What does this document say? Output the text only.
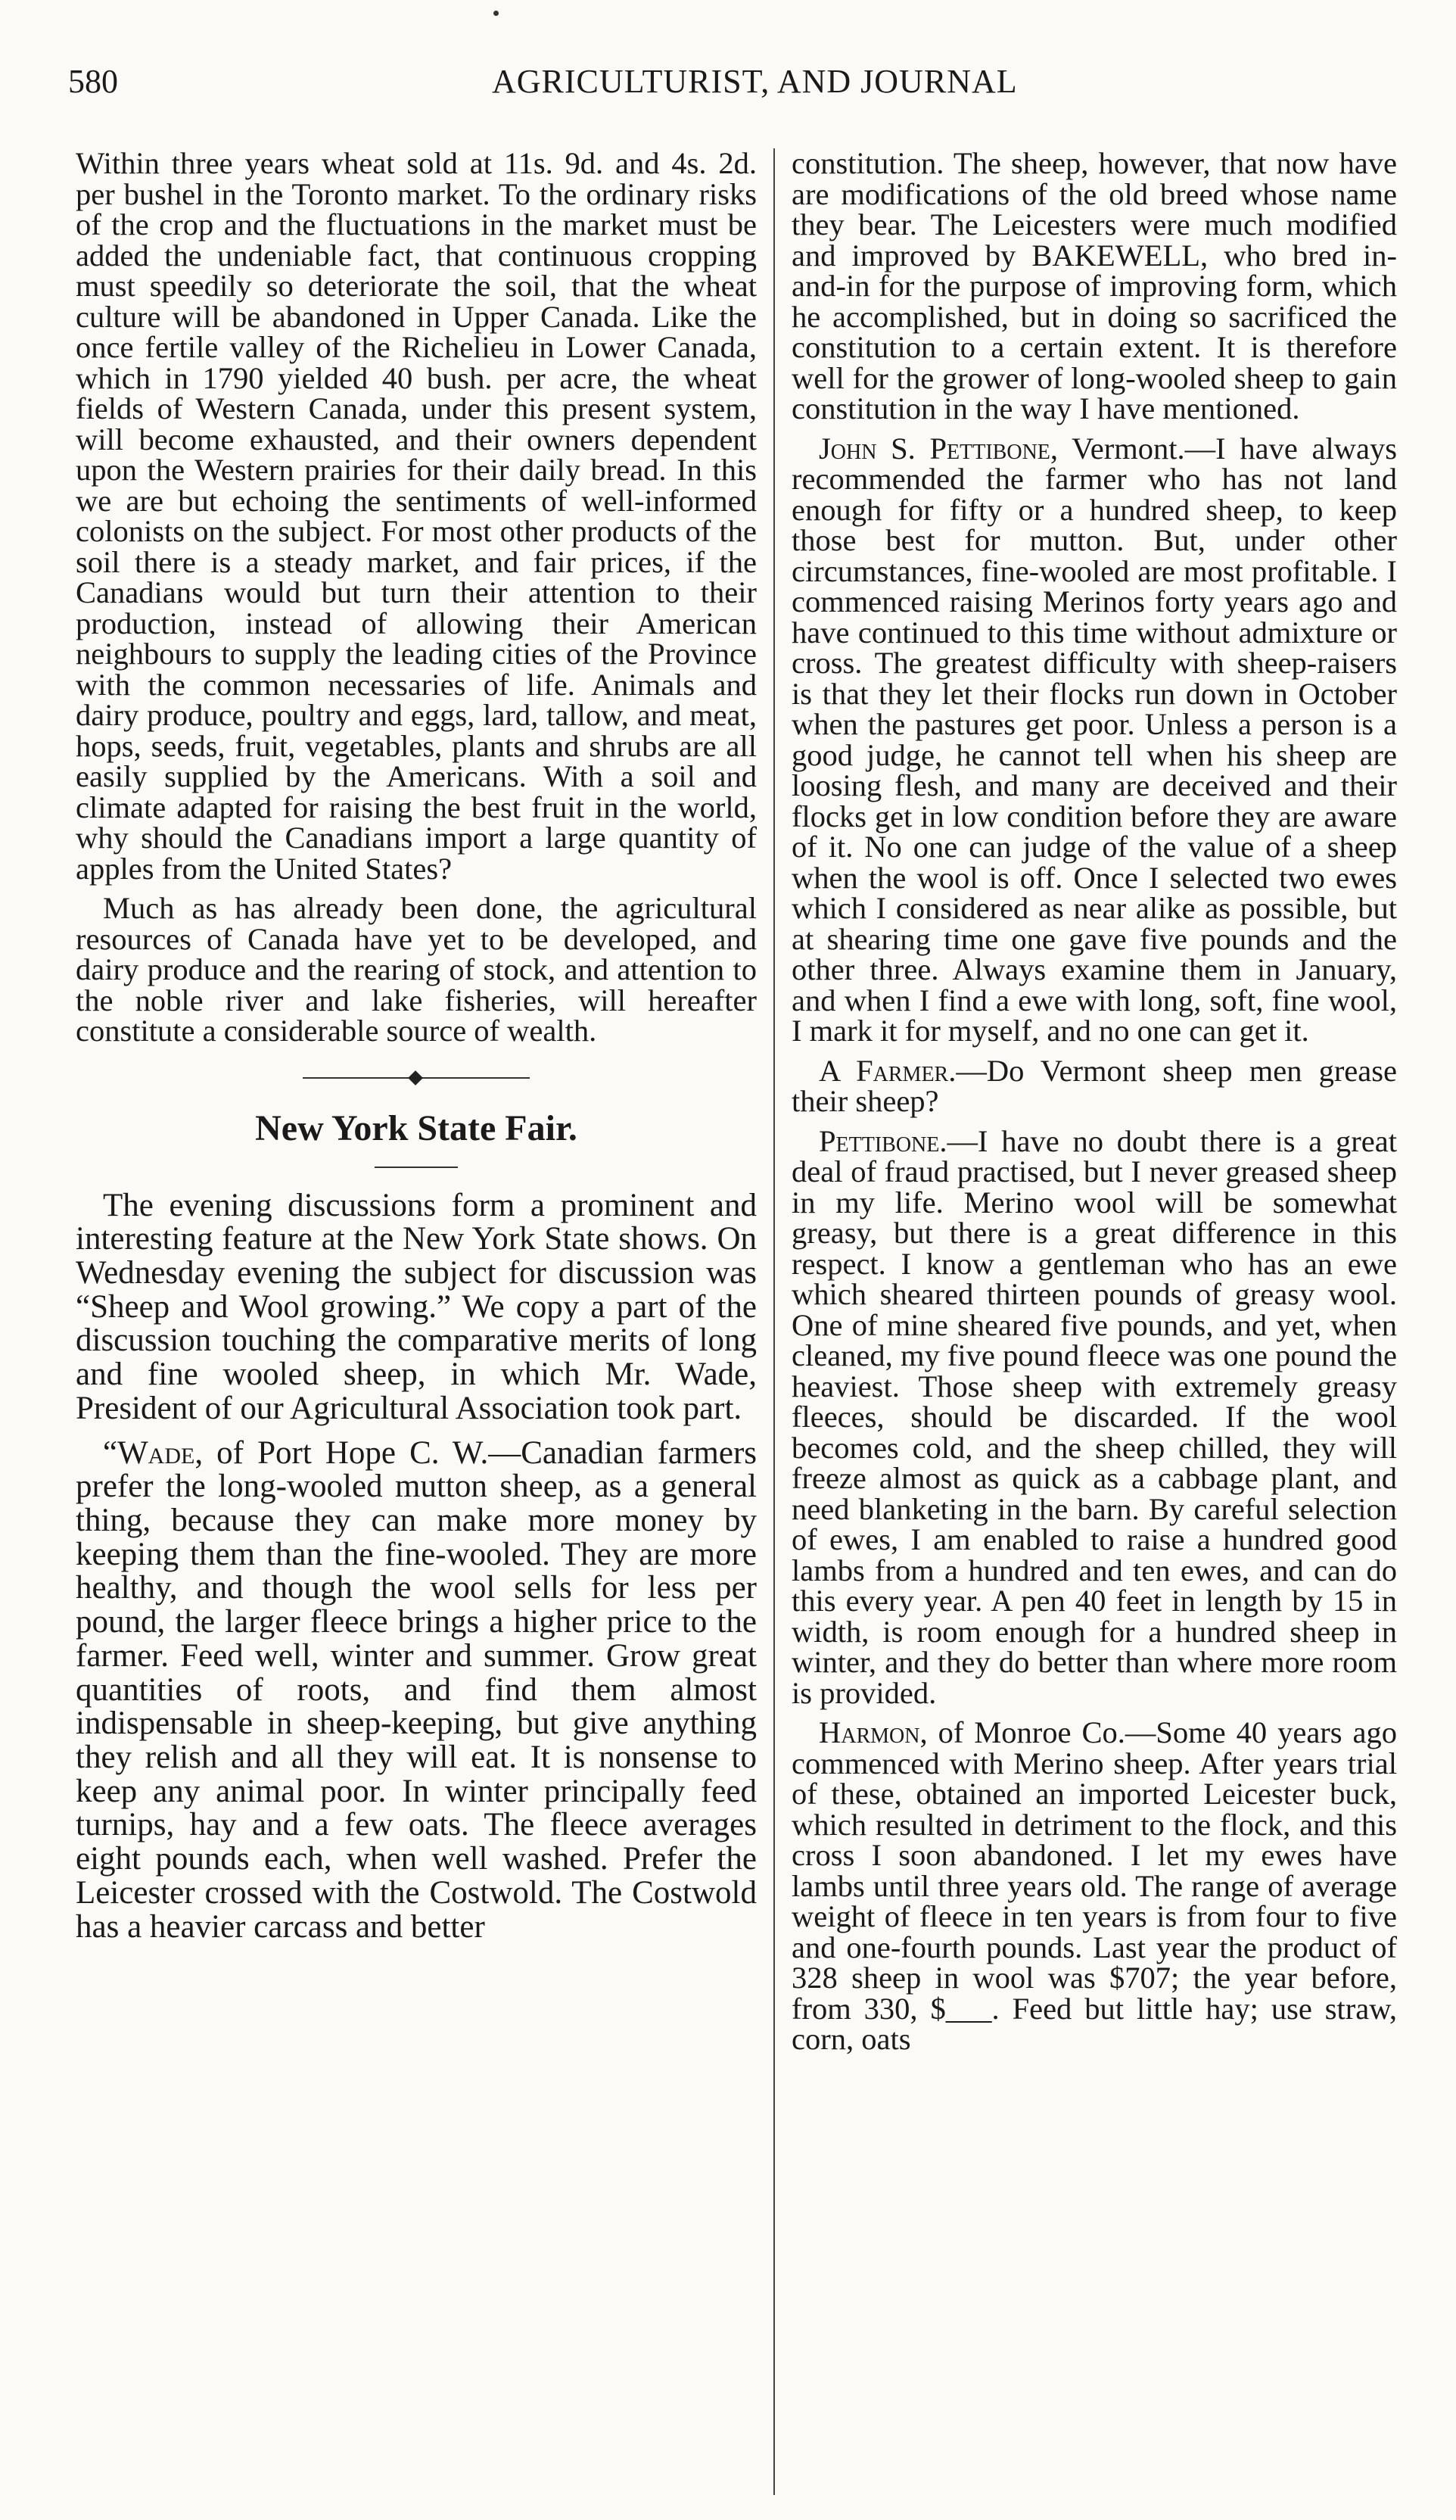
580	AGRICULTURIST, AND JOURNAL

Within three years wheat sold at 11s. 9d. and 4s. 2d. per bushel in the Toronto market. To the ordinary risks of the crop and the fluctuations in the market must be added the undeniable fact, that continuous cropping must speedily so deteriorate the soil, that the wheat culture will be abandoned in Upper Canada. Like the once fertile valley of the Richelieu in Lower Canada, which in 1790 yielded 40 bush. per acre, the wheat fields of Western Canada, under this present system, will become exhausted, and their owners dependent upon the Western prairies for their daily bread. In this we are but echoing the sentiments of well-informed colonists on the subject. For most other products of the soil there is a steady market, and fair prices, if the Canadians would but turn their attention to their production, instead of allowing their American neighbours to supply the leading cities of the Province with the common necessaries of life. Animals and dairy produce, poultry and eggs, lard, tallow, and meat, hops, seeds, fruit, vegetables, plants and shrubs are all easily supplied by the Americans. With a soil and climate adapted for raising the best fruit in the world, why should the Canadians import a large quantity of apples from the United States?

Much as has already been done, the agricultural resources of Canada have yet to be developed, and dairy produce and the rearing of stock, and attention to the noble river and lake fisheries, will hereafter constitute a considerable source of wealth.

New York State Fair.

The evening discussions form a prominent and interesting feature at the New York State shows. On Wednesday evening the subject for discussion was “Sheep and Wool growing.” We copy a part of the discussion touching the comparative merits of long and fine wooled sheep, in which Mr. Wade, President of our Agricultural Association took part.

“Wade, of Port Hope C. W.—Canadian farmers prefer the long-wooled mutton sheep, as a general thing, because they can make more money by keeping them than the fine-wooled. They are more healthy, and though the wool sells for less per pound, the larger fleece brings a higher price to the farmer. Feed well, winter and summer. Grow great quantities of roots, and find them almost indispensable in sheep-keeping, but give anything they relish and all they will eat. It is nonsense to keep any animal poor. In winter principally feed turnips, hay and a few oats. The fleece averages eight pounds each, when well washed. Prefer the Leicester crossed with the Costwold. The Costwold has a heavier carcass and better

constitution. The sheep, however, that now have are modifications of the old breed whose name they bear. The Leicesters were much modified and improved by BAKEWELL, who bred in-and-in for the purpose of improving form, which he accomplished, but in doing so sacrificed the constitution to a certain extent. It is therefore well for the grower of long-wooled sheep to gain constitution in the way I have mentioned.

John S. Pettibone, Vermont.—I have always recommended the farmer who has not land enough for fifty or a hundred sheep, to keep those best for mutton. But, under other circumstances, fine-wooled are most profitable. I commenced raising Merinos forty years ago and have continued to this time without admixture or cross. The greatest difficulty with sheep-raisers is that they let their flocks run down in October when the pastures get poor. Unless a person is a good judge, he cannot tell when his sheep are loosing flesh, and many are deceived and their flocks get in low condition before they are aware of it. No one can judge of the value of a sheep when the wool is off. Once I selected two ewes which I considered as near alike as possible, but at shearing time one gave five pounds and the other three. Always examine them in January, and when I find a ewe with long, soft, fine wool, I mark it for myself, and no one can get it.

A Farmer.—Do Vermont sheep men grease their sheep?

Pettibone.—I have no doubt there is a great deal of fraud practised, but I never greased sheep in my life. Merino wool will be somewhat greasy, but there is a great difference in this respect. I know a gentleman who has an ewe which sheared thirteen pounds of greasy wool. One of mine sheared five pounds, and yet, when cleaned, my five pound fleece was one pound the heaviest. Those sheep with extremely greasy fleeces, should be discarded. If the wool becomes cold, and the sheep chilled, they will freeze almost as quick as a cabbage plant, and need blanketing in the barn. By careful selection of ewes, I am enabled to raise a hundred good lambs from a hundred and ten ewes, and can do this every year. A pen 40 feet in length by 15 in width, is room enough for a hundred sheep in winter, and they do better than where more room is provided.

Harmon, of Monroe Co.—Some 40 years ago commenced with Merino sheep. After years trial of these, obtained an imported Leicester buck, which resulted in detriment to the flock, and this cross I soon abandoned. I let my ewes have lambs until three years old. The range of average weight of fleece in ten years is from four to five and one-fourth pounds. Last year the product of 328 sheep in wool was $707; the year before, from 330, $___. Feed but little hay; use straw, corn, oats
